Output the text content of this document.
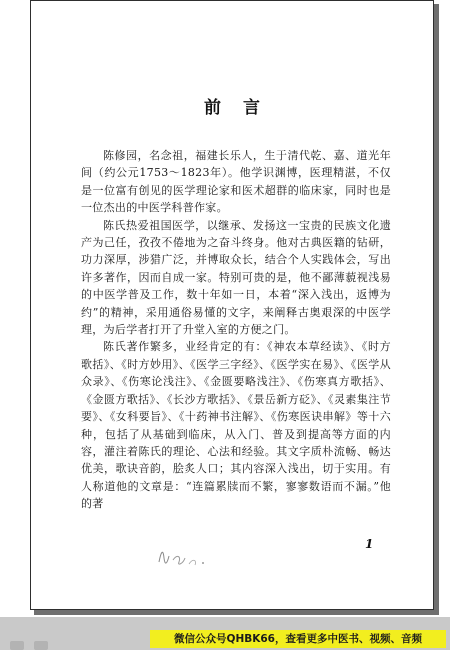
前 言

陈修园，名念祖，福建长乐人，生于清代乾、嘉、道光年间（约公元1753～1823年）。他学识渊博，医理精湛，不仅是一位富有创见的医学理论家和医术超群的临床家，同时也是一位杰出的中医学科普作家。

陈氏热爱祖国医学，以继承、发扬这一宝贵的民族文化遗产为己任，孜孜不倦地为之奋斗终身。他对古典医籍的钻研，功力深厚，涉猎广泛，并博取众长，结合个人实践体会，写出许多著作，因而自成一家。特别可贵的是，他不鄙薄藐视浅易的中医学普及工作，数十年如一日，本着“深入浅出，返博为约”的精神，采用通俗易懂的文字，来阐释古奥艰深的中医学理，为后学者打开了升堂入室的方便之门。

陈氏著作繁多，业经肯定的有：《神农本草经读》、《时方歌括》、《时方妙用》、《医学三字经》、《医学实在易》、《医学从众录》、《伤寒论浅注》、《金匮要略浅注》、《伤寒真方歌括》、《金匮方歌括》、《长沙方歌括》、《景岳新方砭》、《灵素集注节要》、《女科要旨》、《十药神书注解》、《伤寒医诀串解》等十六种，包括了从基础到临床，从入门、普及到提高等方面的内容，灌注着陈氏的理论、心法和经验。其文字质朴流畅、畅达优美，歌诀音韵，脍炙人口；其内容深入浅出，切于实用。有人称道他的文章是：“连篇累牍而不繁，寥寥数语而不漏。”他的著

1
微信公众号QHBK66，查看更多中医书、视频、音频
